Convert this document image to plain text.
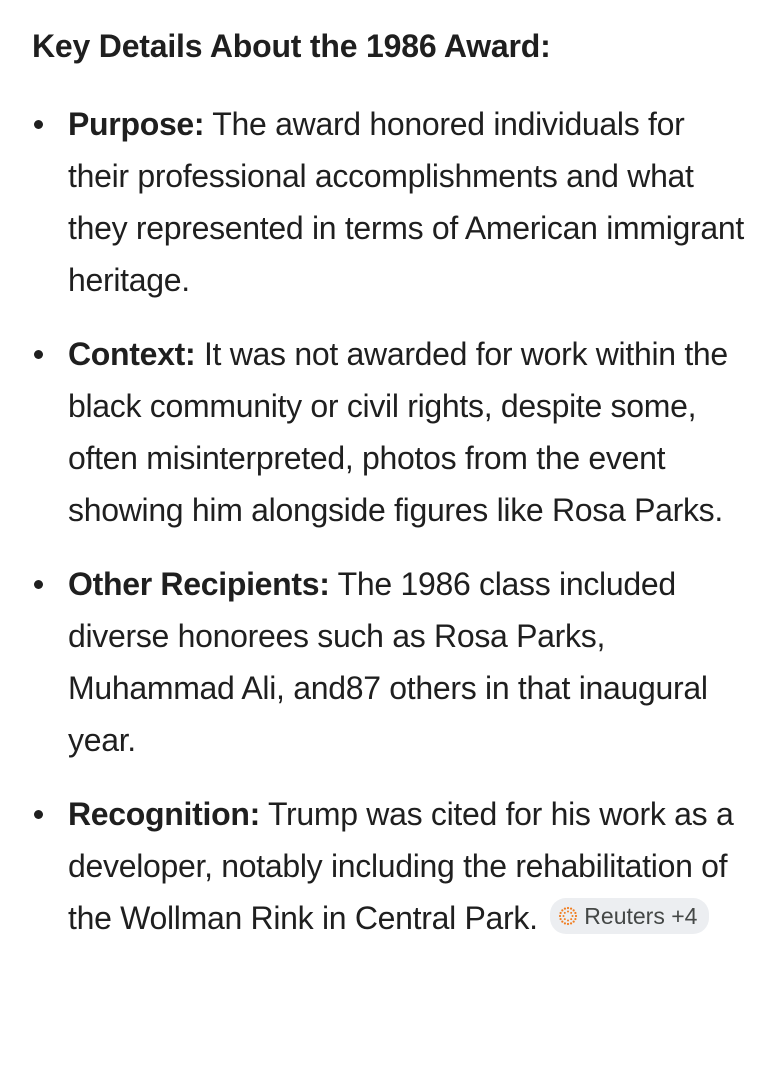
Key Details About the 1986 Award:
Purpose: The award honored individuals for their professional accomplishments and what they represented in terms of American immigrant heritage.
Context: It was not awarded for work within the black community or civil rights, despite some, often misinterpreted, photos from the event showing him alongside figures like Rosa Parks.
Other Recipients: The 1986 class included diverse honorees such as Rosa Parks, Muhammad Ali, and87 others in that inaugural year.
Recognition: Trump was cited for his work as a developer, notably including the rehabilitation of the Wollman Rink in Central Park. Reuters +4
